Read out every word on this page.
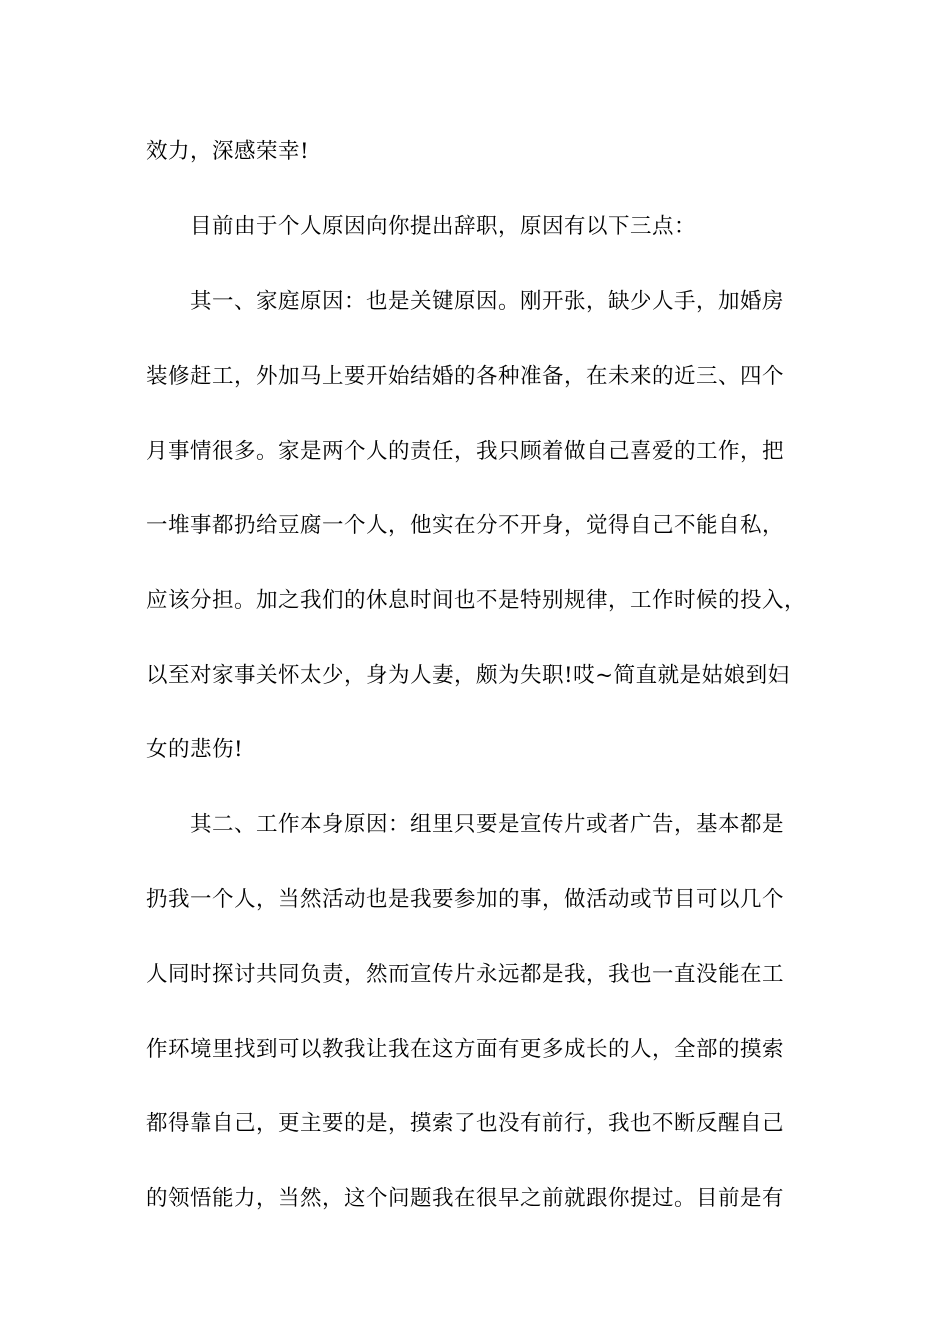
效力，深感荣幸!
目前由于个人原因向你提出辞职，原因有以下三点：
其一、家庭原因：也是关键原因。刚开张，缺少人手，加婚房
装修赶工，外加马上要开始结婚的各种准备，在未来的近三、四个
月事情很多。家是两个人的责任，我只顾着做自己喜爱的工作，把
一堆事都扔给豆腐一个人，他实在分不开身，觉得自己不能自私，
应该分担。加之我们的休息时间也不是特别规律，工作时候的投入，
以至对家事关怀太少，身为人妻，颇为失职!哎~简直就是姑娘到妇
女的悲伤!
其二、工作本身原因：组里只要是宣传片或者广告，基本都是
扔我一个人，当然活动也是我要参加的事，做活动或节目可以几个
人同时探讨共同负责，然而宣传片永远都是我，我也一直没能在工
作环境里找到可以教我让我在这方面有更多成长的人，全部的摸索
都得靠自己，更主要的是，摸索了也没有前行，我也不断反醒自己
的领悟能力，当然，这个问题我在很早之前就跟你提过。目前是有
